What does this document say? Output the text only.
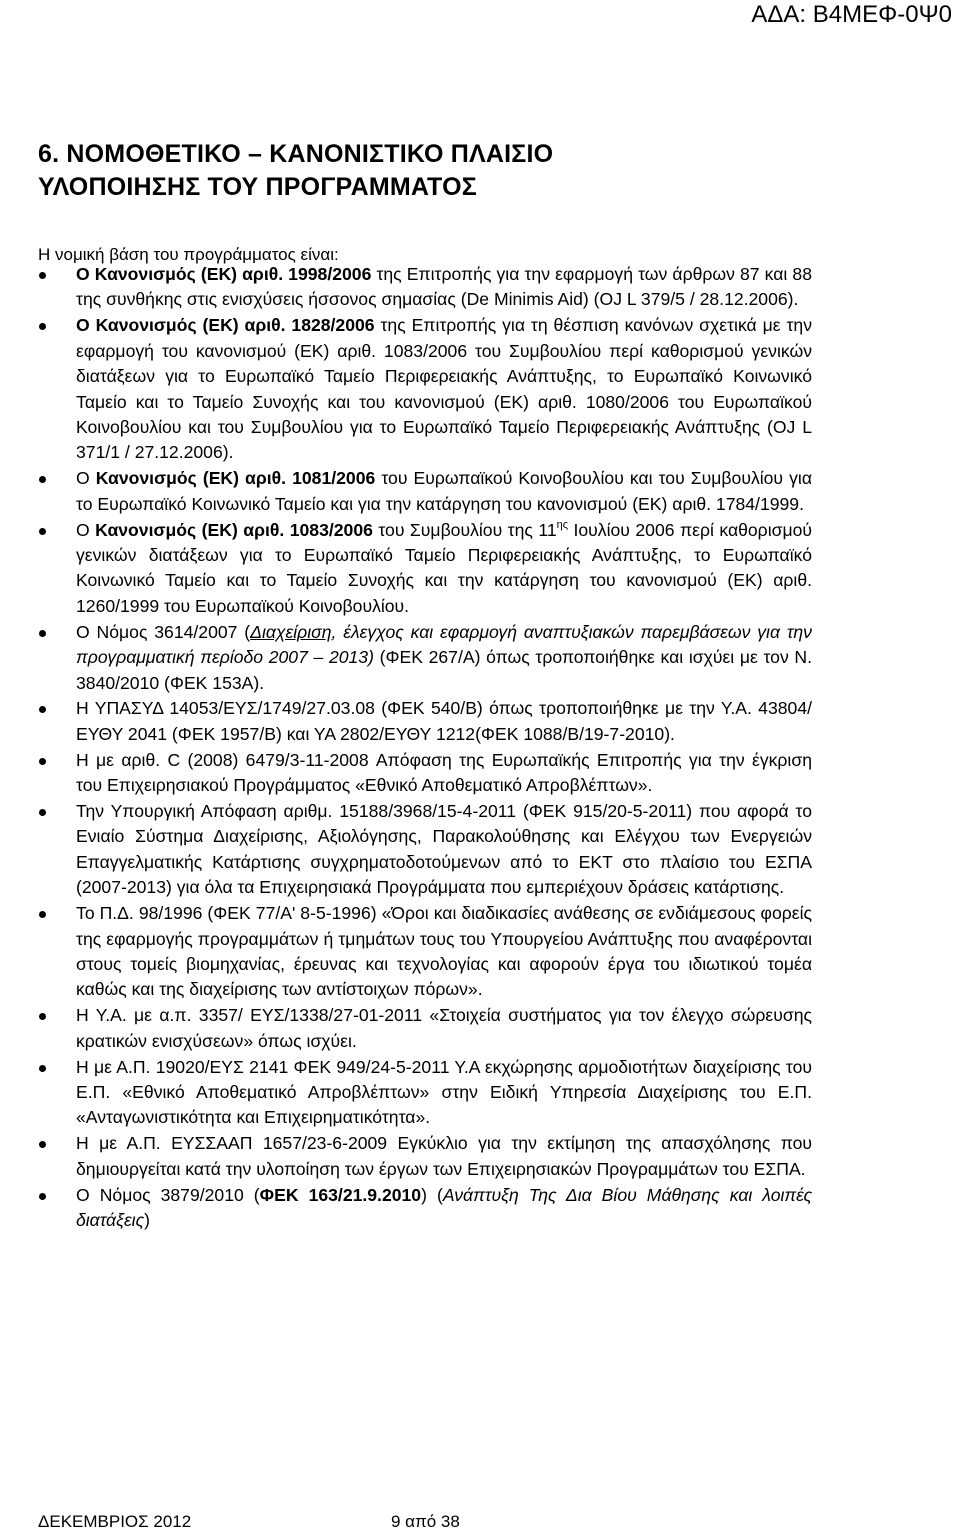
ΑΔΑ: Β4ΜΕΦ-0Ψ0
6. ΝΟΜΟΘΕΤΙΚΟ – ΚΑΝΟΝΙΣΤΙΚΟ ΠΛΑΙΣΙΟ
ΥΛΟΠΟΙΗΣΗΣ ΤΟΥ ΠΡΟΓΡΑΜΜΑΤΟΣ
Η νομική βάση του προγράμματος είναι:
Ο Κανονισμός (ΕΚ) αριθ. 1998/2006 της Επιτροπής για την εφαρμογή των άρθρων 87 και 88 της συνθήκης στις ενισχύσεις ήσσονος σημασίας (De Minimis Aid) (OJ L 379/5 / 28.12.2006).
Ο Κανονισμός (ΕΚ) αριθ. 1828/2006 της Επιτροπής για τη θέσπιση κανόνων σχετικά με την εφαρμογή του κανονισμού (ΕΚ) αριθ. 1083/2006 του Συμβουλίου περί καθορισμού γενικών διατάξεων για το Ευρωπαϊκό Ταμείο Περιφερειακής Ανάπτυξης, το Ευρωπαϊκό Κοινωνικό Ταμείο και το Ταμείο Συνοχής και του κανονισμού (ΕΚ) αριθ. 1080/2006 του Ευρωπαϊκού Κοινοβουλίου και του Συμβουλίου για το Ευρωπαϊκό Ταμείο Περιφερειακής Ανάπτυξης (OJ L 371/1 / 27.12.2006).
Ο Κανονισμός (ΕΚ) αριθ. 1081/2006 του Ευρωπαϊκού Κοινοβουλίου και του Συμβουλίου για το Ευρωπαϊκό Κοινωνικό Ταμείο και για την κατάργηση του κανονισμού (ΕΚ) αριθ. 1784/1999.
Ο Κανονισμός (ΕΚ) αριθ. 1083/2006 του Συμβουλίου της $11^{\eta\varsigma}$ Ιουλίου 2006 περί καθορισμού γενικών διατάξεων για το Ευρωπαϊκό Ταμείο Περιφερειακής Ανάπτυξης, το Ευρωπαϊκό Κοινωνικό Ταμείο και το Ταμείο Συνοχής και την κατάργηση του κανονισμού (ΕΚ) αριθ. 1260/1999 του Ευρωπαϊκού Κοινοβουλίου.
Ο Νόμος 3614/2007 (Διαχείριση, έλεγχος και εφαρμογή αναπτυξιακών παρεμβάσεων για την προγραμματική περίοδο 2007 – 2013) (ΦΕΚ 267/Α) όπως τροποποιήθηκε και ισχύει με τον Ν. 3840/2010 (ΦΕΚ 153Α).
Η ΥΠΑΣΥΔ 14053/ΕΥΣ/1749/27.03.08 (ΦΕΚ 540/Β) όπως τροποποιήθηκε με την Υ.Α. 43804/ΕΥΘΥ 2041 (ΦΕΚ 1957/Β) και ΥΑ 2802/ΕΥΘΥ 1212(ΦΕΚ 1088/Β/19-7-2010).
Η με αριθ. C (2008) 6479/3-11-2008 Απόφαση της Ευρωπαϊκής Επιτροπής για την έγκριση του Επιχειρησιακού Προγράμματος «Εθνικό Αποθεματικό Απροβλέπτων».
Την Υπουργική Απόφαση αριθμ. 15188/3968/15-4-2011 (ΦΕΚ 915/20-5-2011) που αφορά το Ενιαίο Σύστημα Διαχείρισης, Αξιολόγησης, Παρακολούθησης και Ελέγχου των Ενεργειών Επαγγελματικής Κατάρτισης συγχρηματοδοτούμενων από το ΕΚΤ στο πλαίσιο του ΕΣΠΑ (2007-2013) για όλα τα Επιχειρησιακά Προγράμματα που εμπεριέχουν δράσεις κατάρτισης.
Το Π.Δ. 98/1996 (ΦΕΚ 77/Α' 8-5-1996) «Όροι και διαδικασίες ανάθεσης σε ενδιάμεσους φορείς της εφαρμογής προγραμμάτων ή τμημάτων τους του Υπουργείου Ανάπτυξης που αναφέρονται στους τομείς βιομηχανίας, έρευνας και τεχνολογίας και αφορούν έργα του ιδιωτικού τομέα καθώς και της διαχείρισης των αντίστοιχων πόρων».
Η Υ.Α. με α.π. 3357/ ΕΥΣ/1338/27-01-2011 «Στοιχεία συστήματος για τον έλεγχο σώρευσης κρατικών ενισχύσεων» όπως ισχύει.
Η με Α.Π. 19020/ΕΥΣ 2141 ΦΕΚ 949/24-5-2011 Υ.Α εκχώρησης αρμοδιοτήτων διαχείρισης του Ε.Π. «Εθνικό Αποθεματικό Απροβλέπτων» στην Ειδική Υπηρεσία Διαχείρισης του Ε.Π. «Ανταγωνιστικότητα και Επιχειρηματικότητα».
Η με Α.Π. ΕΥΣΣΑΑΠ 1657/23-6-2009 Εγκύκλιο για την εκτίμηση της απασχόλησης που δημιουργείται κατά την υλοποίηση των έργων των Επιχειρησιακών Προγραμμάτων του ΕΣΠΑ.
Ο Νόμος 3879/2010 (ΦΕΚ 163/21.9.2010) (Ανάπτυξη Της Δια Βίου Μάθησης και λοιπές διατάξεις)
ΔΕΚΕΜΒΡΙΟΣ 2012	9 από 38
